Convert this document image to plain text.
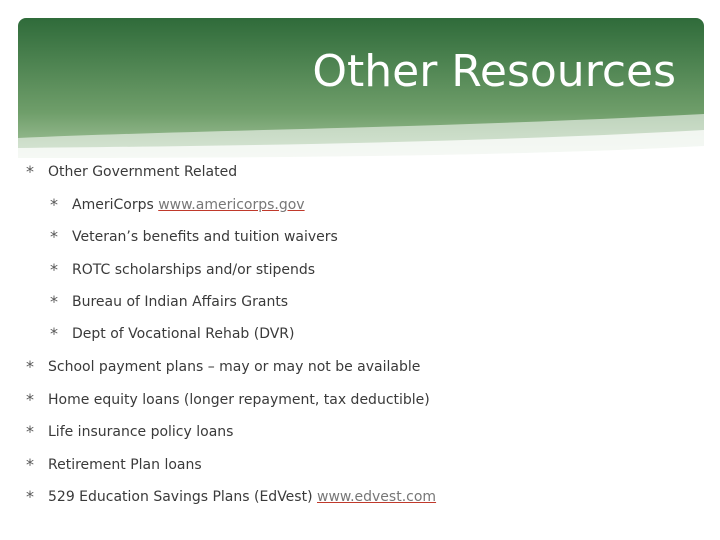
Other Resources
*	Other Government Related
*	AmeriCorps www.americorps.gov
*	Veteran’s benefits and tuition waivers
*	ROTC scholarships and/or stipends
*	Bureau of Indian Affairs Grants
*	Dept of Vocational Rehab (DVR)
*	School payment plans – may or may not be available
*	Home equity loans (longer repayment, tax deductible)
*	Life insurance policy loans
*	Retirement Plan loans
*	529 Education Savings Plans (EdVest) www.edvest.com
